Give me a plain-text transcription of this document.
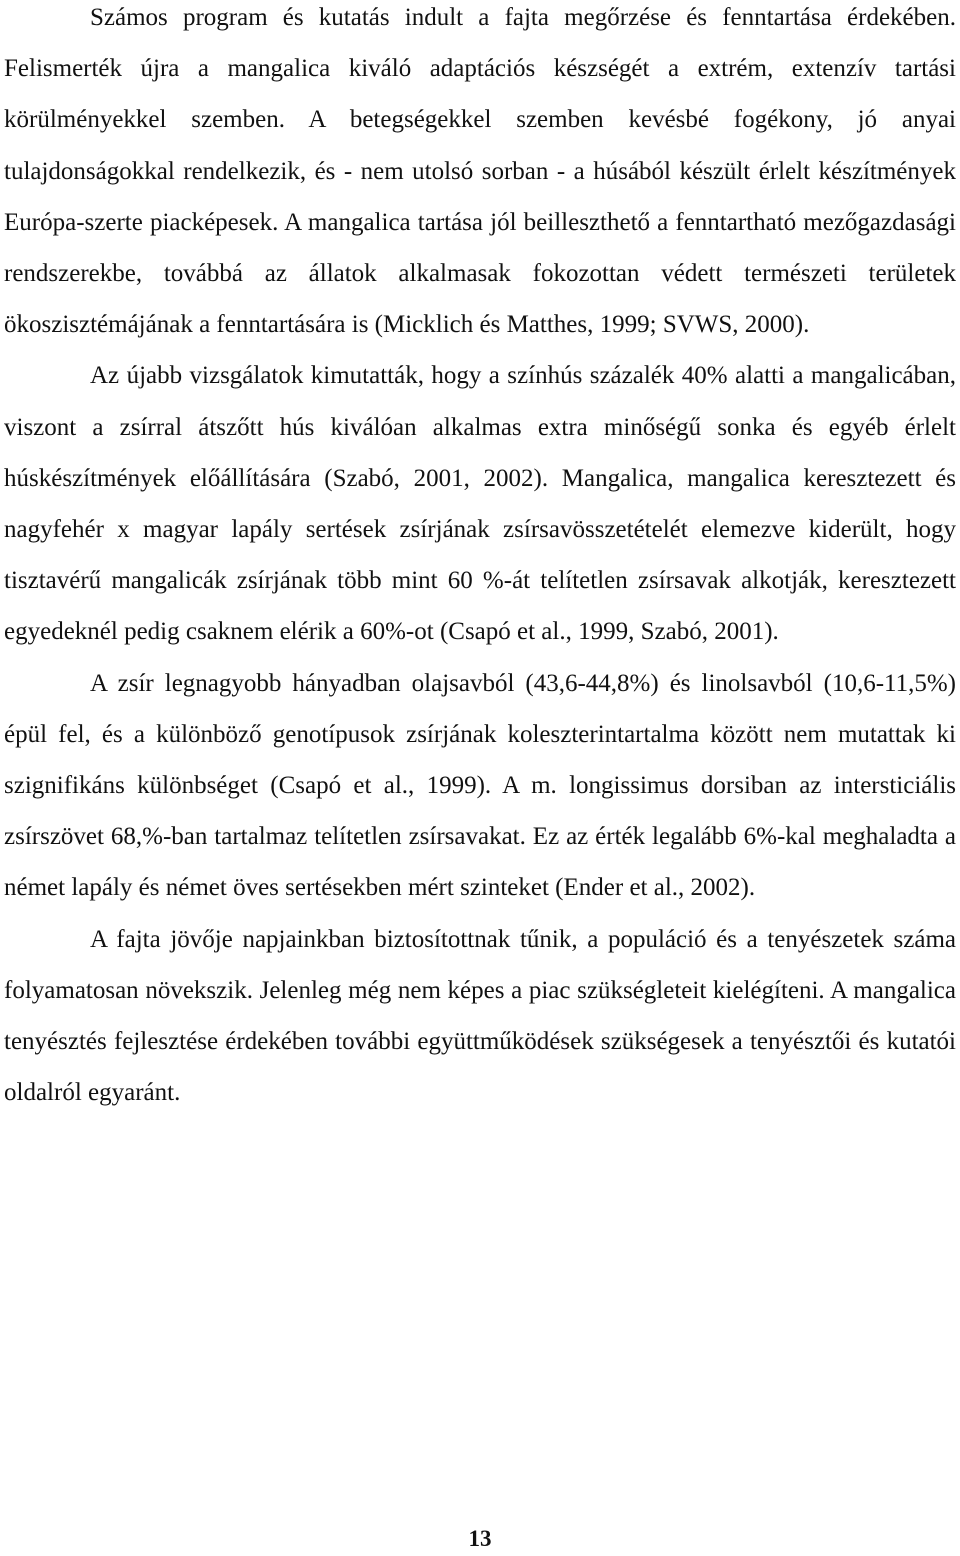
Számos program és kutatás indult a fajta megőrzése és fenntartása érdekében. Felismerték újra a mangalica kiváló adaptációs készségét a extrém, extenzív tartási körülményekkel szemben. A betegségekkel szemben kevésbé fogékony, jó anyai tulajdonságokkal rendelkezik, és - nem utolsó sorban - a húsából készült érlelt készítmények Európa-szerte piacképesek. A mangalica tartása jól beilleszthető a fenntartható mezőgazdasági rendszerekbe, továbbá az állatok alkalmasak fokozottan védett természeti területek ökoszisztémájának a fenntartására is (Micklich és Matthes, 1999; SVWS, 2000).

Az újabb vizsgálatok kimutatták, hogy a színhús százalék 40% alatti a mangalicában, viszont a zsírral átszőtt hús kiválóan alkalmas extra minőségű sonka és egyéb érlelt húskészítmények előállítására (Szabó, 2001, 2002). Mangalica, mangalica keresztezett és nagyfehér x magyar lapály sertések zsírjának zsírsavösszetételét elemezve kiderült, hogy tisztavérű mangalicák zsírjának több mint 60 %-át telítetlen zsírsavak alkotják, keresztezett egyedeknél pedig csaknem elérik a 60%-ot (Csapó et al., 1999, Szabó, 2001).

A zsír legnagyobb hányadban olajsavból (43,6-44,8%) és linolsavból (10,6-11,5%) épül fel, és a különböző genotípusok zsírjának koleszterintartalma között nem mutattak ki szignifikáns különbséget (Csapó et al., 1999). A m. longissimus dorsiban az intersticiális zsírszövet 68,%-ban tartalmaz telítetlen zsírsavakat. Ez az érték legalább 6%-kal meghaladta a német lapály és német öves sertésekben mért szinteket (Ender et al., 2002).

A fajta jövője napjainkban biztosítottnak tűnik, a populáció és a tenyészetek száma folyamatosan növekszik. Jelenleg még nem képes a piac szükségleteit kielégíteni. A mangalica tenyésztés fejlesztése érdekében további együttműködések szükségesek a tenyésztői és kutatói oldalról egyaránt.

13
